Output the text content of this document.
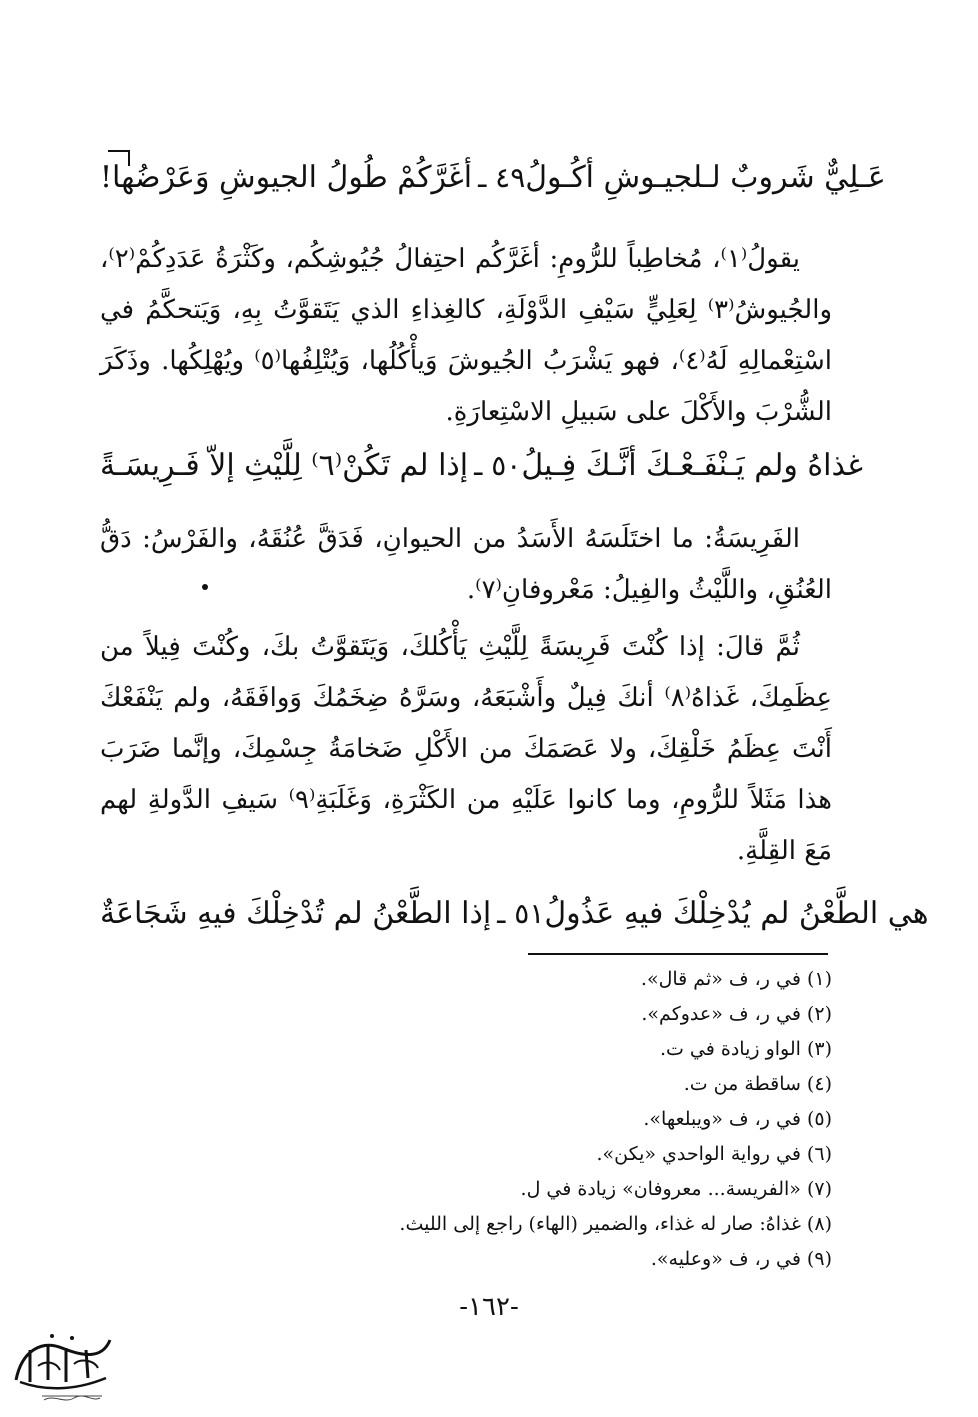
٤٩ ـ
أغَرَّكُمْ طُولُ الجيوشِ وَعَرْضُها! عَـلِيٌّ شَروبٌ لـلجيـوشِ أكُـولُ

يقولُ⁽١⁾، مُخاطِباً للرُّومِ: أغَرَّكُم احتِفالُ جُيُوشِكُم، وكَثْرَةُ عَدَدِكُمْ⁽٢⁾، والجُيوشُ⁽٣⁾ لِعَلِيٍّ سَيْفِ الدَّوْلَةِ، كالغِذاءِ الذي يَتَقوَّتُ بِهِ، وَيَتحكَّمُ في اسْتِعْمالِهِ لَهُ⁽٤⁾، فهو يَشْرَبُ الجُيوشَ وَيأْكُلُها، وَيُتْلِفُها⁽٥⁾ ويُهْلِكُها. وذَكَرَ الشُّرْبَ والأَكْلَ على سَبيلِ الاسْتِعارَةِ.

٥٠ ـ
إذا لم تَكُنْ⁽٦⁾ لِلَّيْثِ إلاّ فَـرِيسَـةً غذاهُ ولم يَـنْفَـعْـكَ أنَّـكَ فِـيلُ

الفَرِيسَةُ: ما اختَلَسَهُ الأَسَدُ من الحيوانِ، فَدَقَّ عُنُقَهُ، والفَرْسُ: دَقُّ العُنُقِ، واللَّيْثُ والفِيلُ: مَعْروفانِ⁽٧⁾.

ثُمَّ قالَ: إذا كُنْتَ فَرِيسَةً لِلَّيْثِ يَأْكُلكَ، وَيَتَقوَّتُ بكَ، وكُنْتَ فِيلاً من عِظَمِكَ، غَذاهُ⁽٨⁾ أنكَ فِيلٌ وأَشْبَعَهُ، وسَرَّهُ ضِخَمُكَ وَوافَقَهُ، ولم يَنْفَعْكَ أَنْتَ عِظَمُ خَلْقِكَ، ولا عَصَمَكَ من الأَكْلِ ضَخامَةُ جِسْمِكَ، وإنَّما ضَرَبَ هذا مَثَلاً للرُّومِ، وما كانوا عَلَيْهِ من الكَثْرَةِ، وَغَلَبَةِ⁽٩⁾ سَيفِ الدَّولةِ لهم مَعَ القِلَّةِ.

٥١ ـ
إذا الطَّعْنُ لم تُدْخِلْكَ فيهِ شَجَاعَةٌ هي الطَّعْنُ لم يُدْخِلْكَ فيهِ عَذُولُ
(١) في ر، ف «ثم قال».
(٢) في ر، ف «عدوكم».
(٣) الواو زيادة في ت.
(٤) ساقطة من ت.
(٥) في ر، ف «ويبلعها».
(٦) في رواية الواحدي «يكن».
(٧) «الفريسة... معروفان» زيادة في ل.
(٨) غذاهُ: صار له غذاء، والضمير (الهاء) راجع إلى الليث.
(٩) في ر، ف «وعليه».
-١٦٢-
